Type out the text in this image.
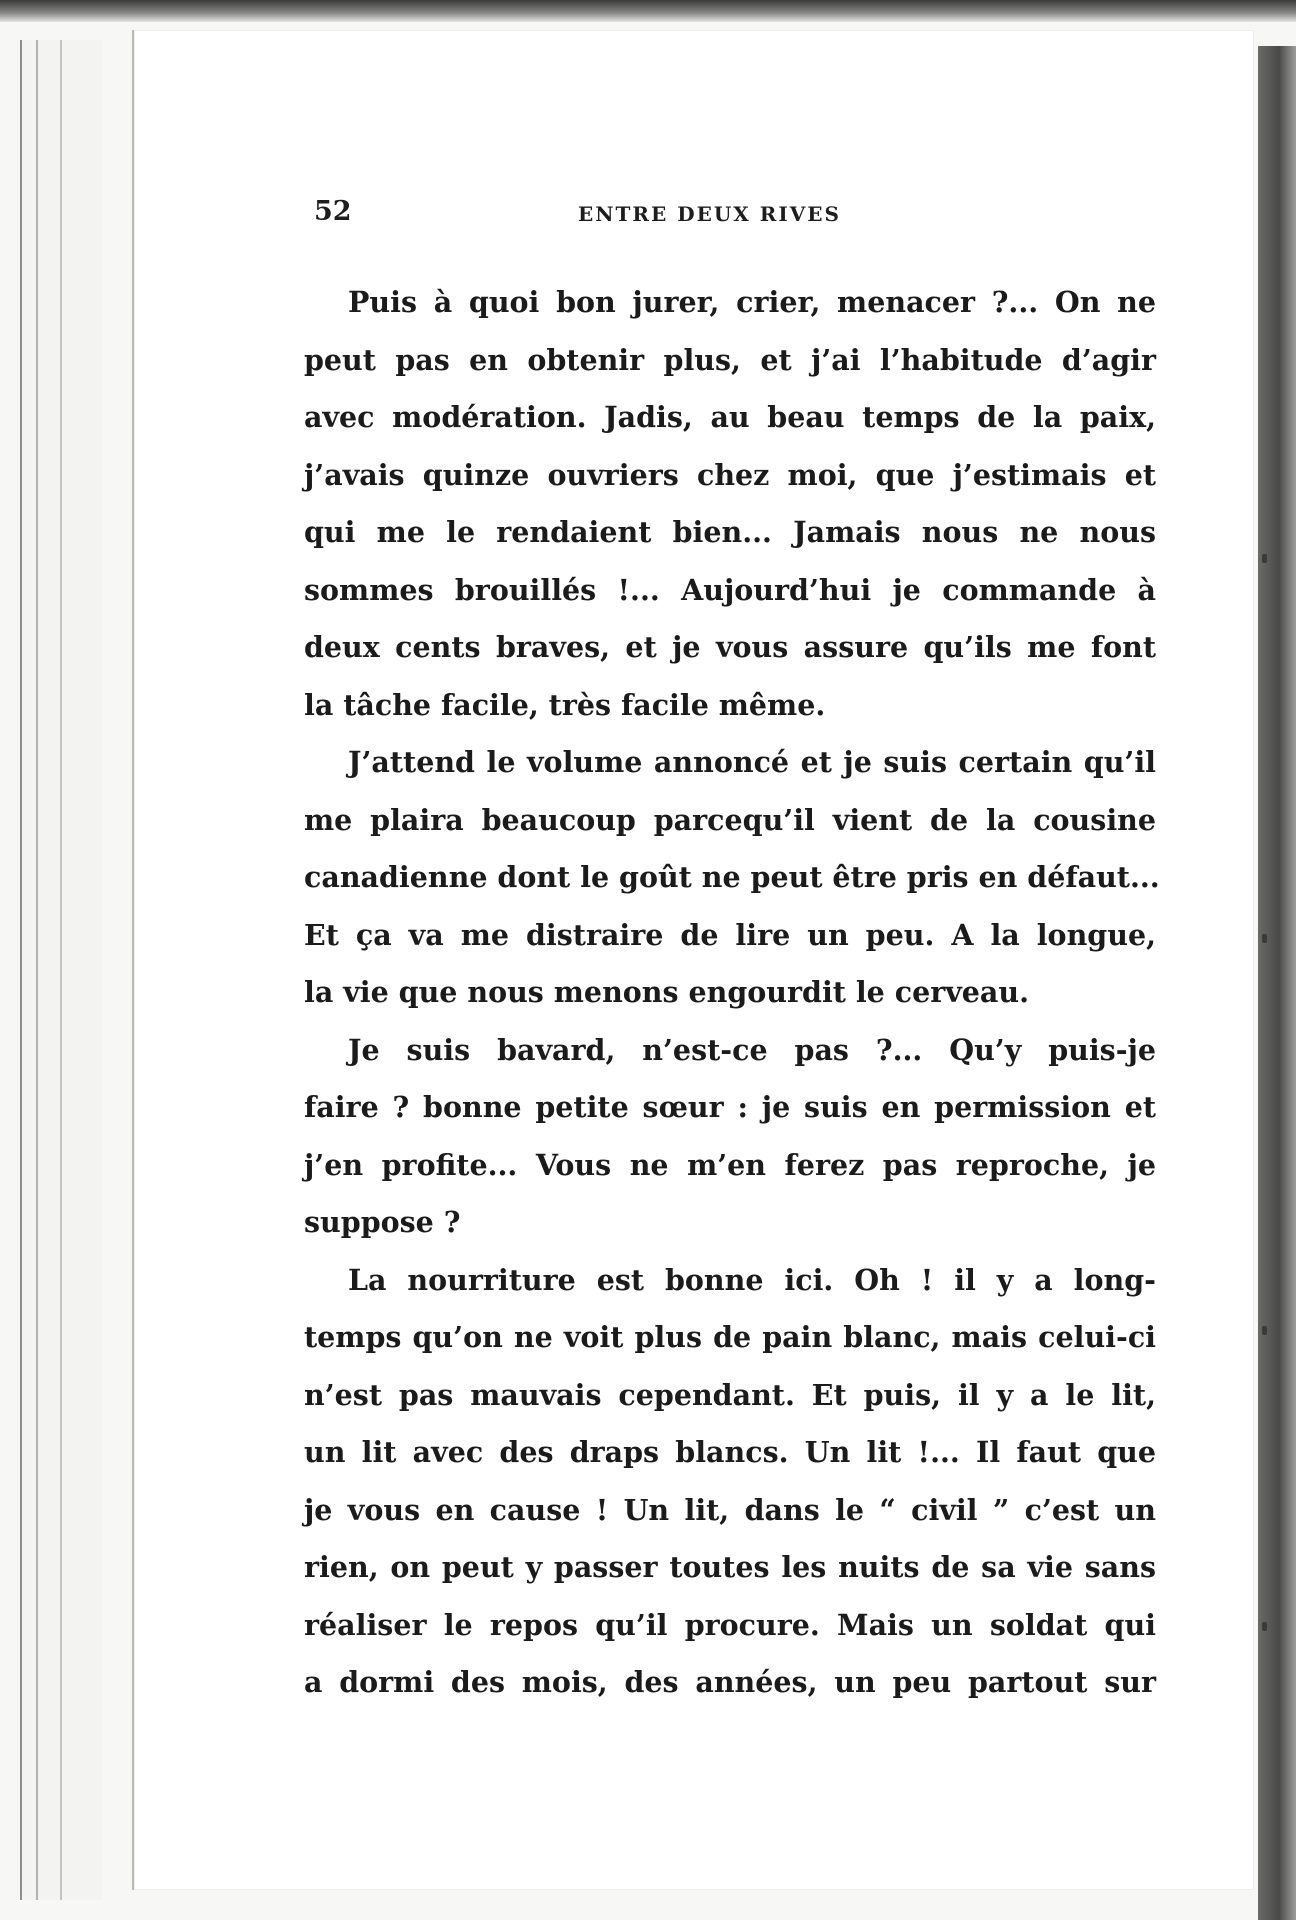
52	ENTRE DEUX RIVES
Puis à quoi bon jurer, crier, menacer ?... On ne
peut pas en obtenir plus, et j’ai l’habitude d’agir
avec modération. Jadis, au beau temps de la paix,
j’avais quinze ouvriers chez moi, que j’estimais et
qui me le rendaient bien... Jamais nous ne nous
sommes brouillés !... Aujourd’hui je commande à
deux cents braves, et je vous assure qu’ils me font
la tâche facile, très facile même.
J’attend le volume annoncé et je suis certain qu’il
me plaira beaucoup parcequ’il vient de la cousine
canadienne dont le goût ne peut être pris en défaut...
Et ça va me distraire de lire un peu. A la longue,
la vie que nous menons engourdit le cerveau.
Je suis bavard, n’est-ce pas ?... Qu’y puis-je
faire ? bonne petite sœur : je suis en permission et
j’en profite... Vous ne m’en ferez pas reproche, je
suppose ?
La nourriture est bonne ici. Oh ! il y a long-
temps qu’on ne voit plus de pain blanc, mais celui-ci
n’est pas mauvais cependant. Et puis, il y a le lit,
un lit avec des draps blancs. Un lit !... Il faut que
je vous en cause ! Un lit, dans le “ civil ” c’est un
rien, on peut y passer toutes les nuits de sa vie sans
réaliser le repos qu’il procure. Mais un soldat qui
a dormi des mois, des années, un peu partout sur
